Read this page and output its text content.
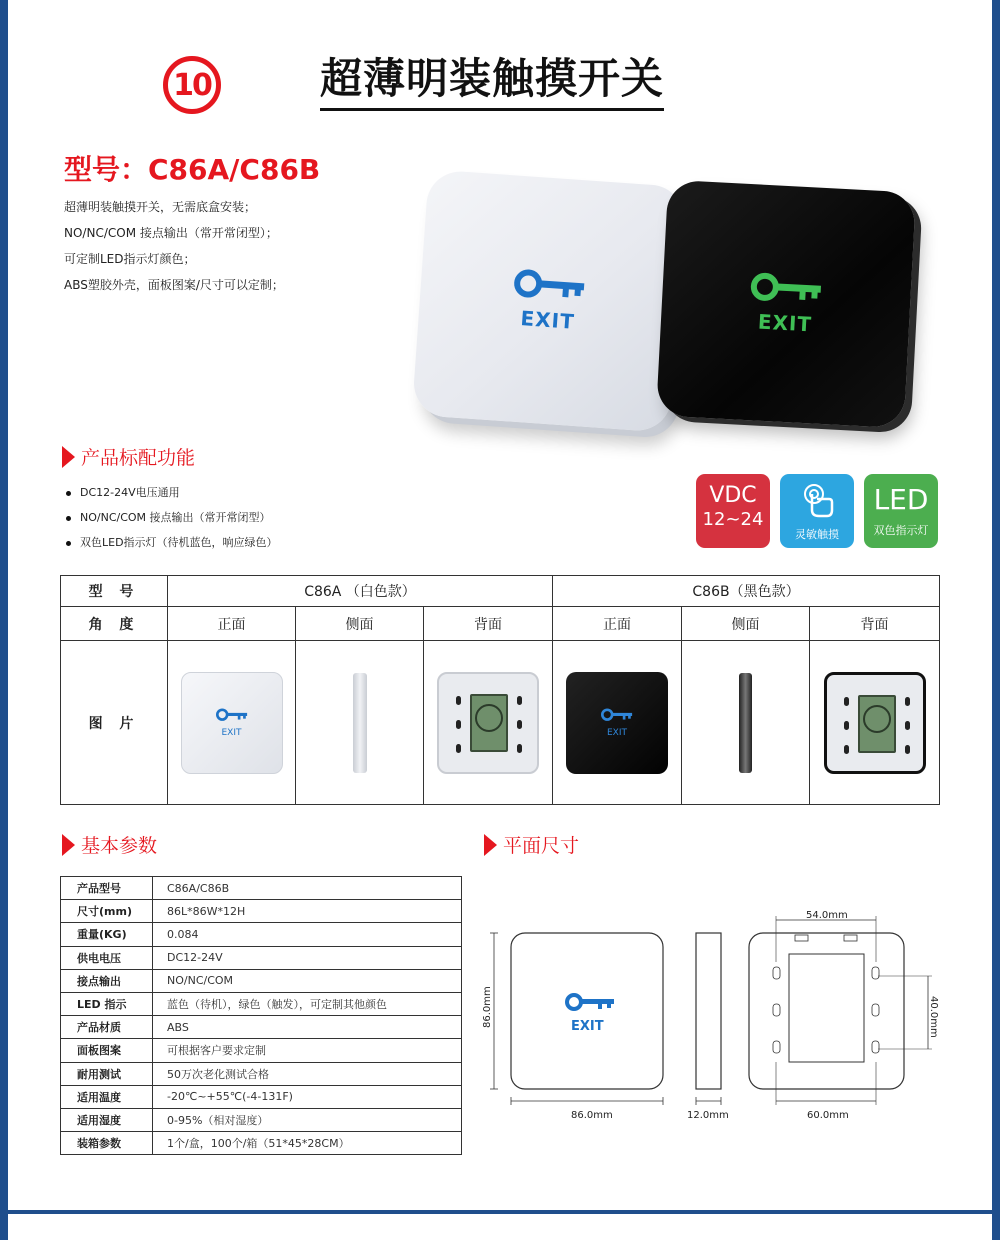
10	超薄明装触摸开关
型号：C86A/C86B
超薄明装触摸开关，无需底盒安装；
NO/NC/COM 接点输出（常开常闭型）；
可定制LED指示灯颜色；
ABS塑胶外壳，面板图案/尺寸可以定制；
EXIT	EXIT
产品标配功能
DC12-24V电压通用
NO/NC/COM 接点输出（常开常闭型）
双色LED指示灯（待机蓝色，响应绿色）
VDC
12~24
灵敏触摸
LED
双色指示灯
型 号	C86A （白色款）			C86B（黑色款）		
角 度	正面	侧面	背面	正面	侧面	背面
图 片	EXIT			EXIT		

基本参数
产品型号	C86A/C86B
尺寸(mm)	86L*86W*12H
重量(KG)	0.084
供电电压	DC12-24V
接点输出	NO/NC/COM
LED 指示	蓝色（待机），绿色（触发），可定制其他颜色
产品材质	ABS
面板图案	可根据客户要求定制
耐用测试	50万次老化测试合格
适用温度	-20℃~+55℃(-4-131F)
适用湿度	0-95%（相对湿度）
装箱参数	1个/盒，100个/箱（51*45*28CM）
平面尺寸
86.0mm	EXIT
86.0mm	12.0mm
54.0mm
40.0mm
60.0mm
